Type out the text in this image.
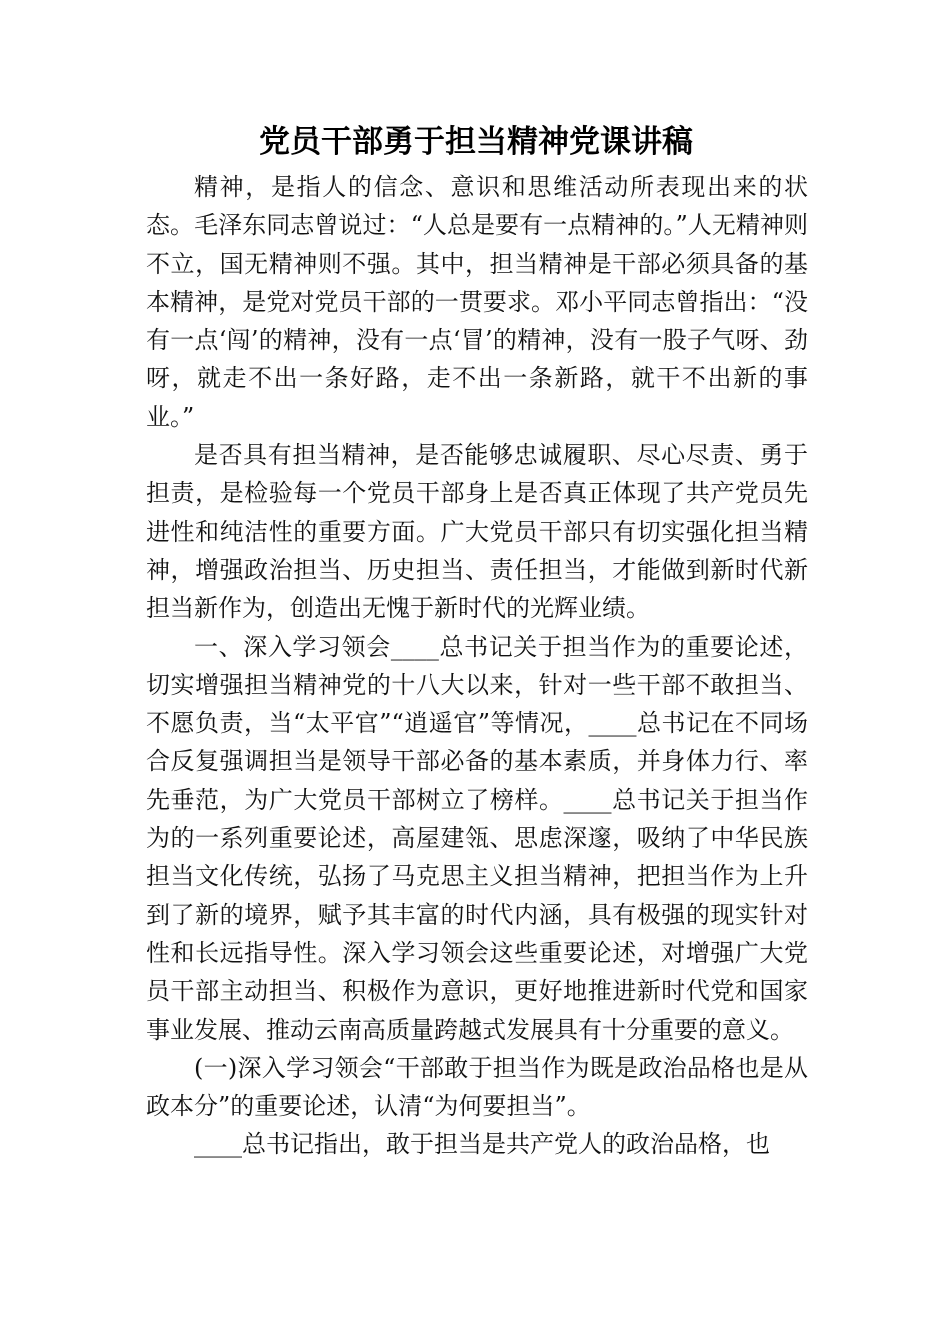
党员干部勇于担当精神党课讲稿

精神，是指人的信念、意识和思维活动所表现出来的状态。毛泽东同志曾说过：“人总是要有一点精神的。”人无精神则不立，国无精神则不强。其中，担当精神是干部必须具备的基本精神，是党对党员干部的一贯要求。邓小平同志曾指出：“没有一点‘闯’的精神，没有一点‘冒’的精神，没有一股子气呀、劲呀，就走不出一条好路，走不出一条新路，就干不出新的事业。”

是否具有担当精神，是否能够忠诚履职、尽心尽责、勇于担责，是检验每一个党员干部身上是否真正体现了共产党员先进性和纯洁性的重要方面。广大党员干部只有切实强化担当精神，增强政治担当、历史担当、责任担当，才能做到新时代新担当新作为，创造出无愧于新时代的光辉业绩。

一、深入学习领会____总书记关于担当作为的重要论述，切实增强担当精神党的十八大以来，针对一些干部不敢担当、不愿负责，当“太平官”“逍遥官”等情况，____总书记在不同场合反复强调担当是领导干部必备的基本素质，并身体力行、率先垂范，为广大党员干部树立了榜样。____总书记关于担当作为的一系列重要论述，高屋建瓴、思虑深邃，吸纳了中华民族担当文化传统，弘扬了马克思主义担当精神，把担当作为上升到了新的境界，赋予其丰富的时代内涵，具有极强的现实针对性和长远指导性。深入学习领会这些重要论述，对增强广大党员干部主动担当、积极作为意识，更好地推进新时代党和国家事业发展、推动云南高质量跨越式发展具有十分重要的意义。

(一)深入学习领会“干部敢于担当作为既是政治品格也是从政本分”的重要论述，认清“为何要担当”。

____总书记指出，敢于担当是共产党人的政治品格，也
